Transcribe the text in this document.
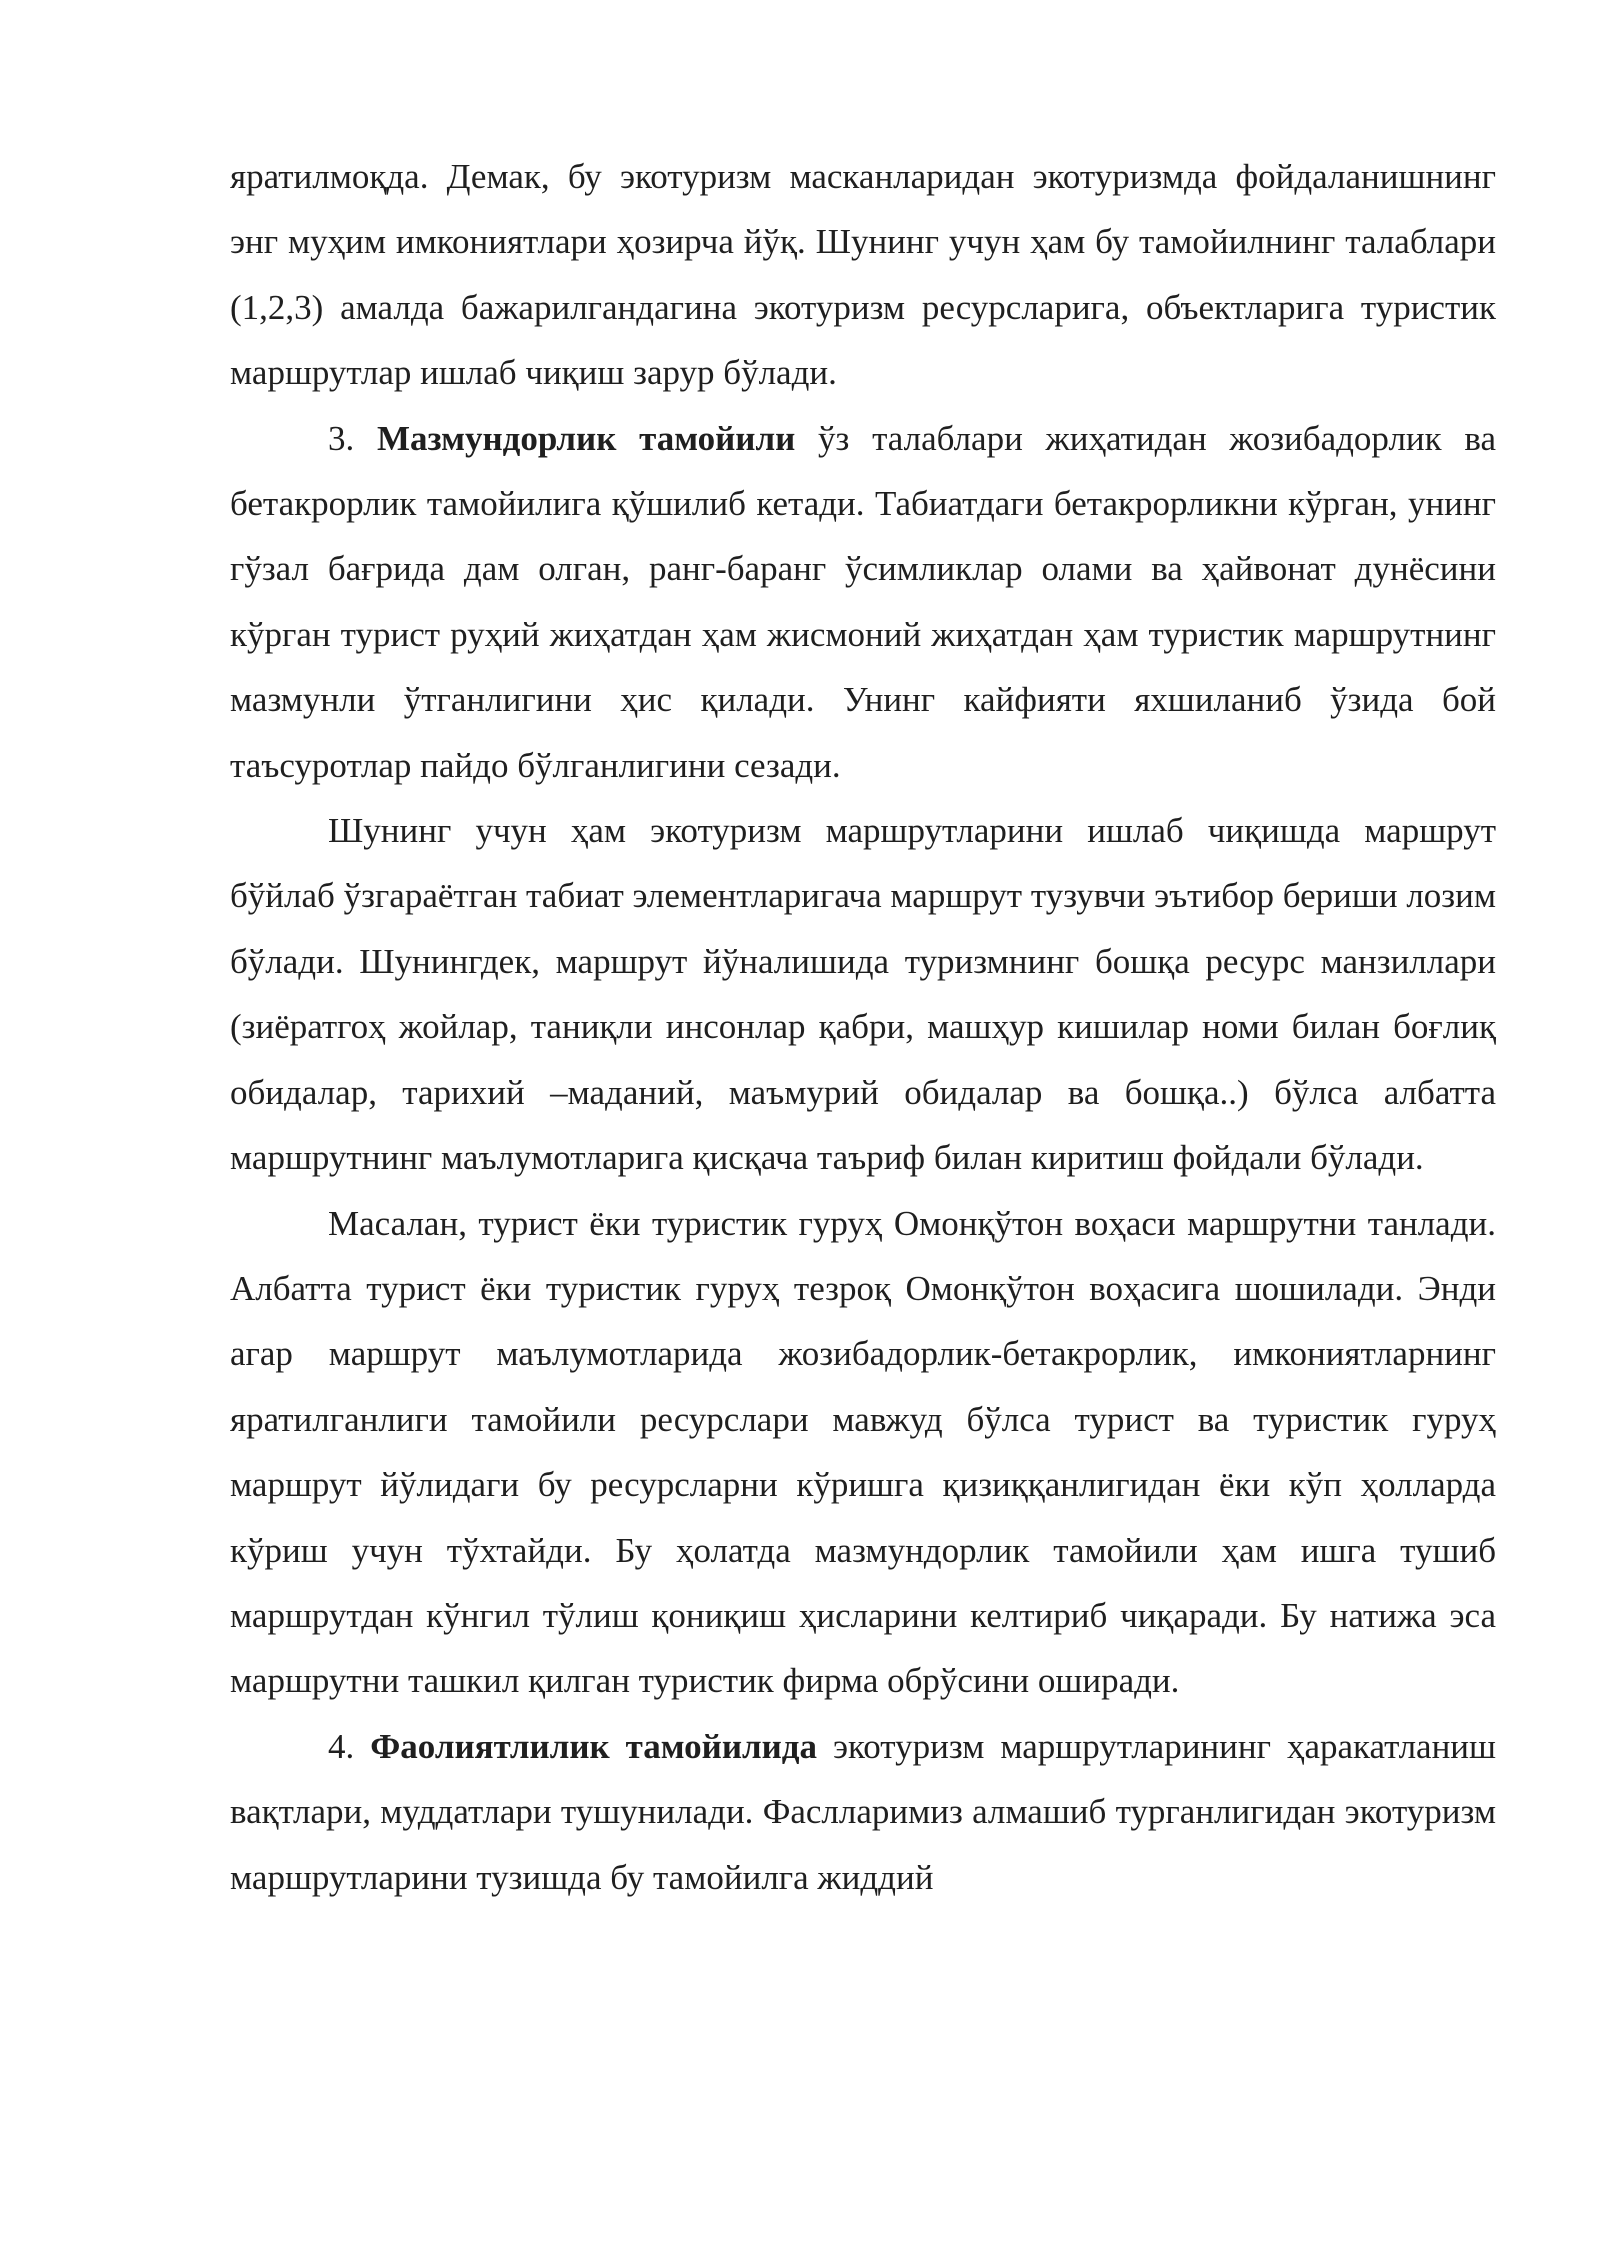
яратилмоқда. Демак, бу экотуризм масканларидан экотуризмда фойдаланишнинг энг муҳим имкониятлари ҳозирча йўқ. Шунинг учун ҳам бу тамойилнинг талаблари (1,2,3) амалда бажарилгандагина экотуризм ресурсларига, объектларига туристик маршрутлар ишлаб чиқиш зарур бўлади.

3. Мазмундорлик тамойили ўз талаблари жиҳатидан жозибадорлик ва бетакрорлик тамойилига қўшилиб кетади. Табиатдаги бетакрорликни кўрган, унинг гўзал бағрида дам олган, ранг-баранг ўсимликлар олами ва ҳайвонат дунёсини кўрган турист руҳий жиҳатдан ҳам жисмоний жиҳатдан ҳам туристик маршрутнинг мазмунли ўтганлигини ҳис қилади. Унинг кайфияти яхшиланиб ўзида бой таъсуротлар пайдо бўлганлигини сезади.

Шунинг учун ҳам экотуризм маршрутларини ишлаб чиқишда маршрут бўйлаб ўзгараётган табиат элементларигача маршрут тузувчи эътибор бериши лозим бўлади. Шунингдек, маршрут йўналишида туризмнинг бошқа ресурс манзиллари (зиёратгоҳ жойлар, таниқли инсонлар қабри, машҳур кишилар номи билан боғлиқ обидалар, тарихий –маданий, маъмурий обидалар ва бошқа..) бўлса албатта маршрутнинг маълумотларига қисқача таъриф билан киритиш фойдали бўлади.

Масалан, турист ёки туристик гуруҳ Омонқўтон воҳаси маршрутни танлади. Албатта турист ёки туристик гуруҳ тезроқ Омонқўтон воҳасига шошилади. Энди агар маршрут маълумотларида жозибадорлик-бетакрорлик, имкониятларнинг яратилганлиги тамойили ресурслари мавжуд бўлса турист ва туристик гуруҳ маршрут йўлидаги бу ресурсларни кўришга қизиққанлигидан ёки кўп ҳолларда кўриш учун тўхтайди. Бу ҳолатда мазмундорлик тамойили ҳам ишга тушиб маршрутдан кўнгил тўлиш қониқиш ҳисларини келтириб чиқаради. Бу натижа эса маршрутни ташкил қилган туристик фирма обрўсини оширади.

4. Фаолиятлилик тамойилида экотуризм маршрутларининг ҳаракатланиш вақтлари, муддатлари тушунилади. Фаслларимиз алмашиб турганлигидан экотуризм маршрутларини тузишда бу тамойилга жиддий
